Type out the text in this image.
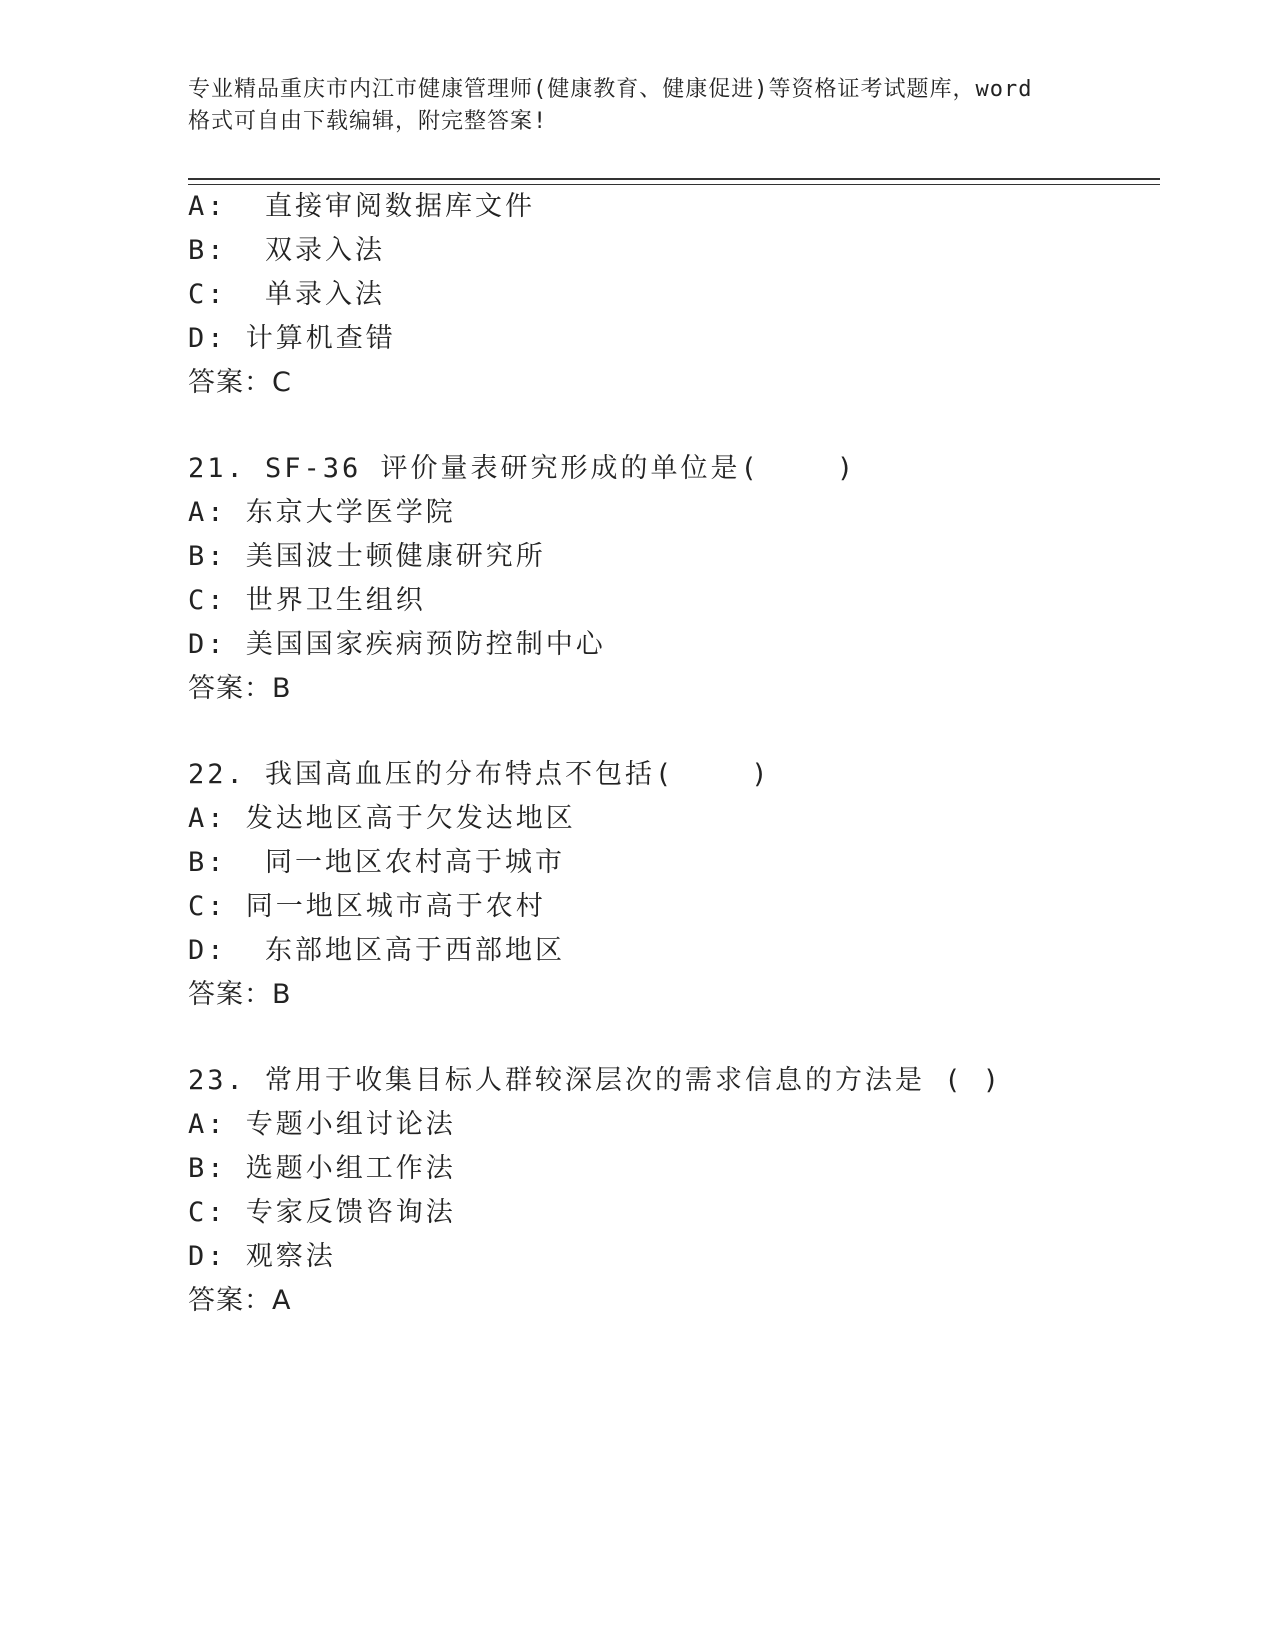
专业精品重庆市内江市健康管理师(健康教育、健康促进)等资格证考试题库，word
格式可自由下载编辑，附完整答案!
A:  直接审阅数据库文件
B:  双录入法
C:  单录入法
D: 计算机查错
答案：C
21. SF-36 评价量表研究形成的单位是(    )
A: 东京大学医学院
B: 美国波士顿健康研究所
C: 世界卫生组织
D: 美国国家疾病预防控制中心
答案：B
22. 我国高血压的分布特点不包括(    )
A: 发达地区高于欠发达地区
B:  同一地区农村高于城市
C: 同一地区城市高于农村
D:  东部地区高于西部地区
答案：B
23. 常用于收集目标人群较深层次的需求信息的方法是 ( )
A: 专题小组讨论法
B: 选题小组工作法
C: 专家反馈咨询法
D: 观察法
答案：A
